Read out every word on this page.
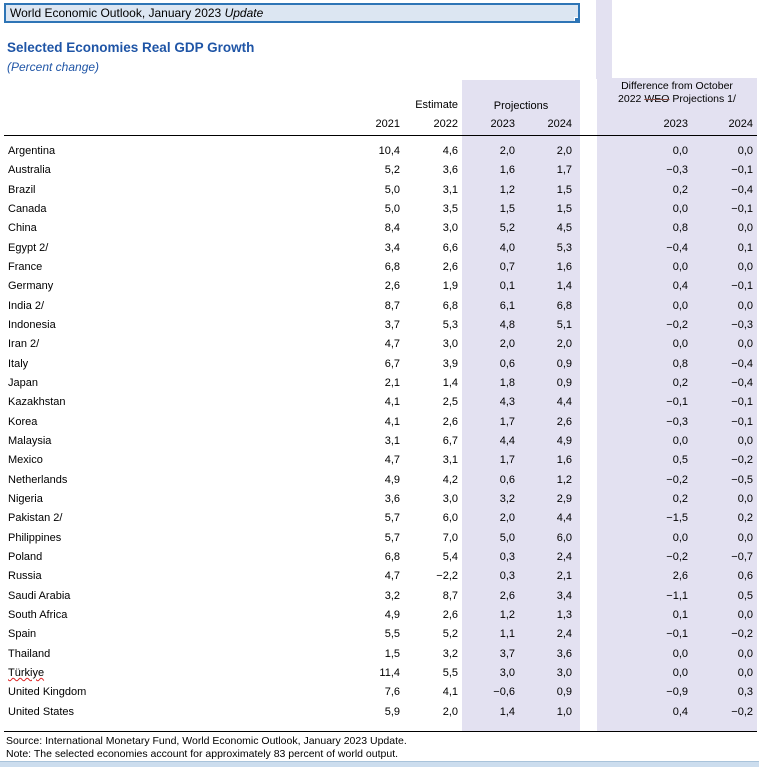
World Economic Outlook, January 2023 Update
Selected Economies Real GDP Growth
(Percent change)
Estimate	Projections
Difference from October
2022 WEO Projections 1/
2021	2022	2023	2024	2023	2024
Argentina	10,4	4,6	2,0	2,0	0,0	0,0
Australia	5,2	3,6	1,6	1,7	−0,3	−0,1
Brazil	5,0	3,1	1,2	1,5	0,2	−0,4
Canada	5,0	3,5	1,5	1,5	0,0	−0,1
China	8,4	3,0	5,2	4,5	0,8	0,0
Egypt 2/	3,4	6,6	4,0	5,3	−0,4	0,1
France	6,8	2,6	0,7	1,6	0,0	0,0
Germany	2,6	1,9	0,1	1,4	0,4	−0,1
India 2/	8,7	6,8	6,1	6,8	0,0	0,0
Indonesia	3,7	5,3	4,8	5,1	−0,2	−0,3
Iran 2/	4,7	3,0	2,0	2,0	0,0	0,0
Italy	6,7	3,9	0,6	0,9	0,8	−0,4
Japan	2,1	1,4	1,8	0,9	0,2	−0,4
Kazakhstan	4,1	2,5	4,3	4,4	−0,1	−0,1
Korea	4,1	2,6	1,7	2,6	−0,3	−0,1
Malaysia	3,1	6,7	4,4	4,9	0,0	0,0
Mexico	4,7	3,1	1,7	1,6	0,5	−0,2
Netherlands	4,9	4,2	0,6	1,2	−0,2	−0,5
Nigeria	3,6	3,0	3,2	2,9	0,2	0,0
Pakistan 2/	5,7	6,0	2,0	4,4	−1,5	0,2
Philippines	5,7	7,0	5,0	6,0	0,0	0,0
Poland	6,8	5,4	0,3	2,4	−0,2	−0,7
Russia	4,7	−2,2	0,3	2,1	2,6	0,6
Saudi Arabia	3,2	8,7	2,6	3,4	−1,1	0,5
South Africa	4,9	2,6	1,2	1,3	0,1	0,0
Spain	5,5	5,2	1,1	2,4	−0,1	−0,2
Thailand	1,5	3,2	3,7	3,6	0,0	0,0
Türkiye	11,4	5,5	3,0	3,0	0,0	0,0
United Kingdom	7,6	4,1	−0,6	0,9	−0,9	0,3
United States	5,9	2,0	1,4	1,0	0,4	−0,2
Source: International Monetary Fund, World Economic Outlook, January 2023 Update.
Note: The selected economies account for approximately 83 percent of world output.
